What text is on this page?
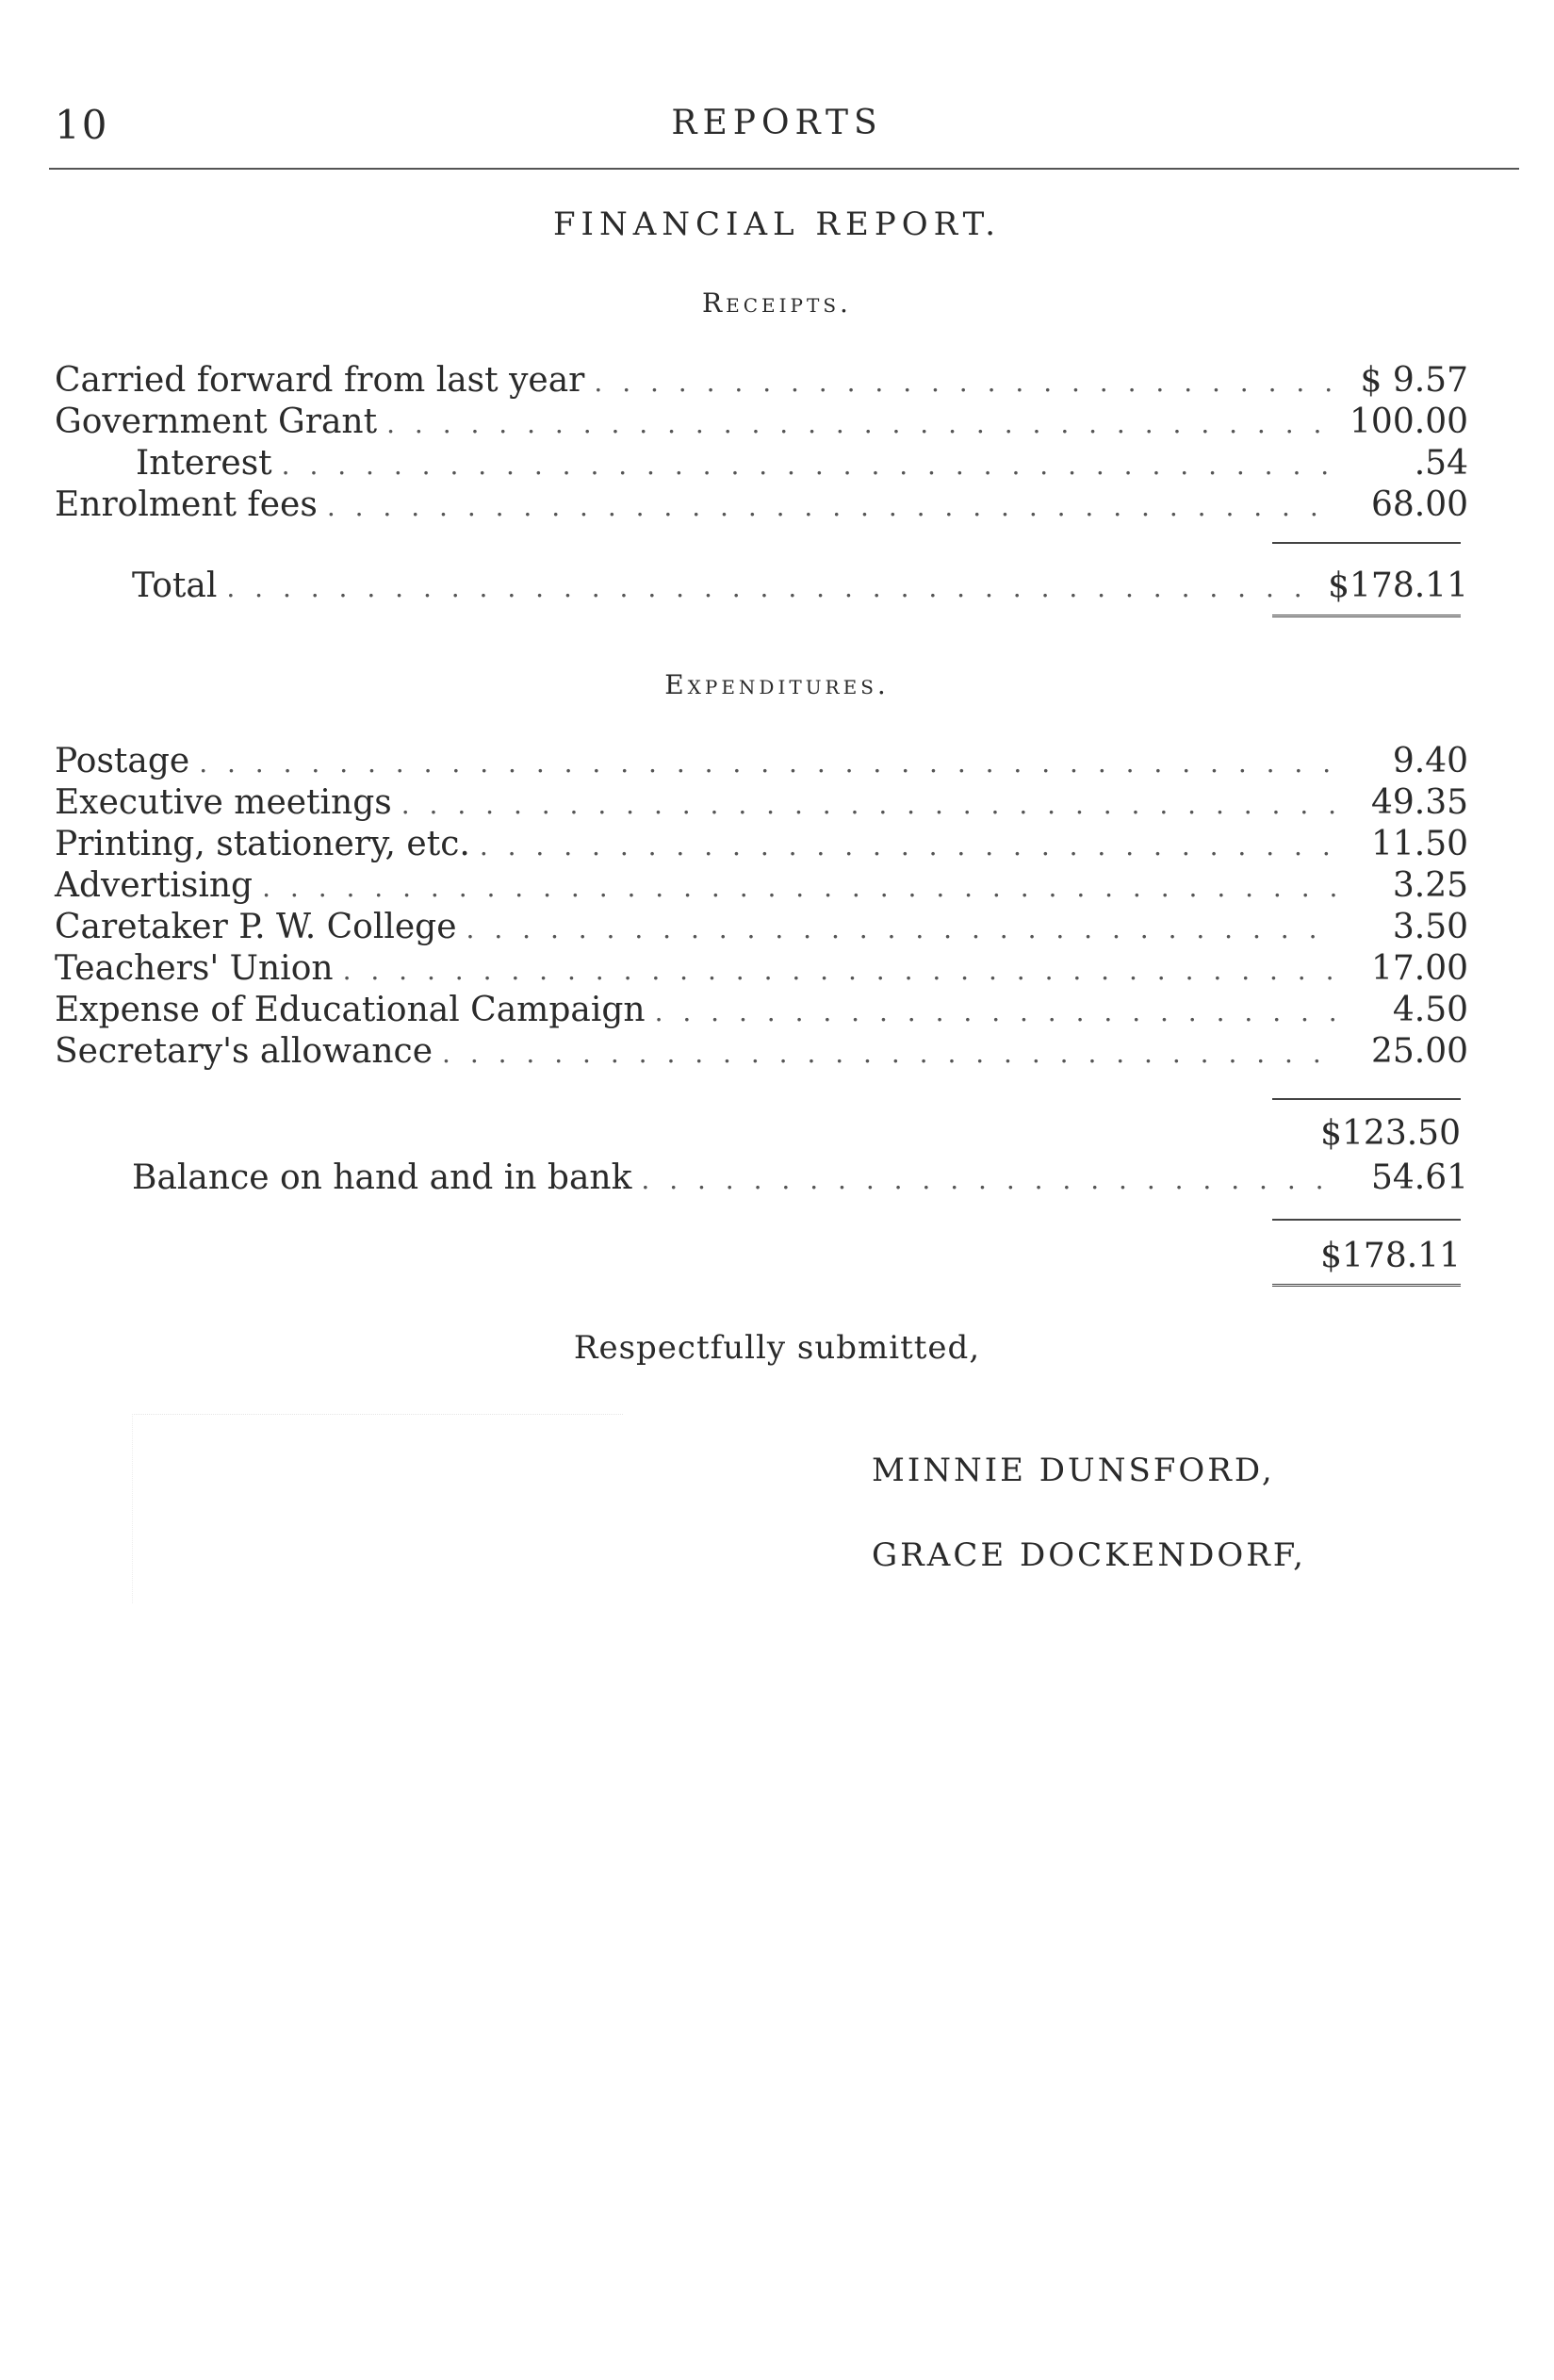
10	REPORTS
FINANCIAL REPORT.
Receipts.
Carried forward from last year . . .	$ 9.57
Government Grant . . .	100.00
Interest . . .	.54
Enrolment fees . . .	68.00
Total . . .	$178.11
Expenditures.
Postage . . .	9.40
Executive meetings . . .	49.35
Printing, stationery, etc. . . .	11.50
Advertising . . .	3.25
Caretaker P. W. College . . .	3.50
Teachers' Union . . .	17.00
Expense of Educational Campaign . . .	4.50
Secretary's allowance . . .	25.00
$123.50
Balance on hand and in bank . . .	54.61
$178.11
Respectfully submitted,
MINNIE DUNSFORD,
GRACE DOCKENDORF,
